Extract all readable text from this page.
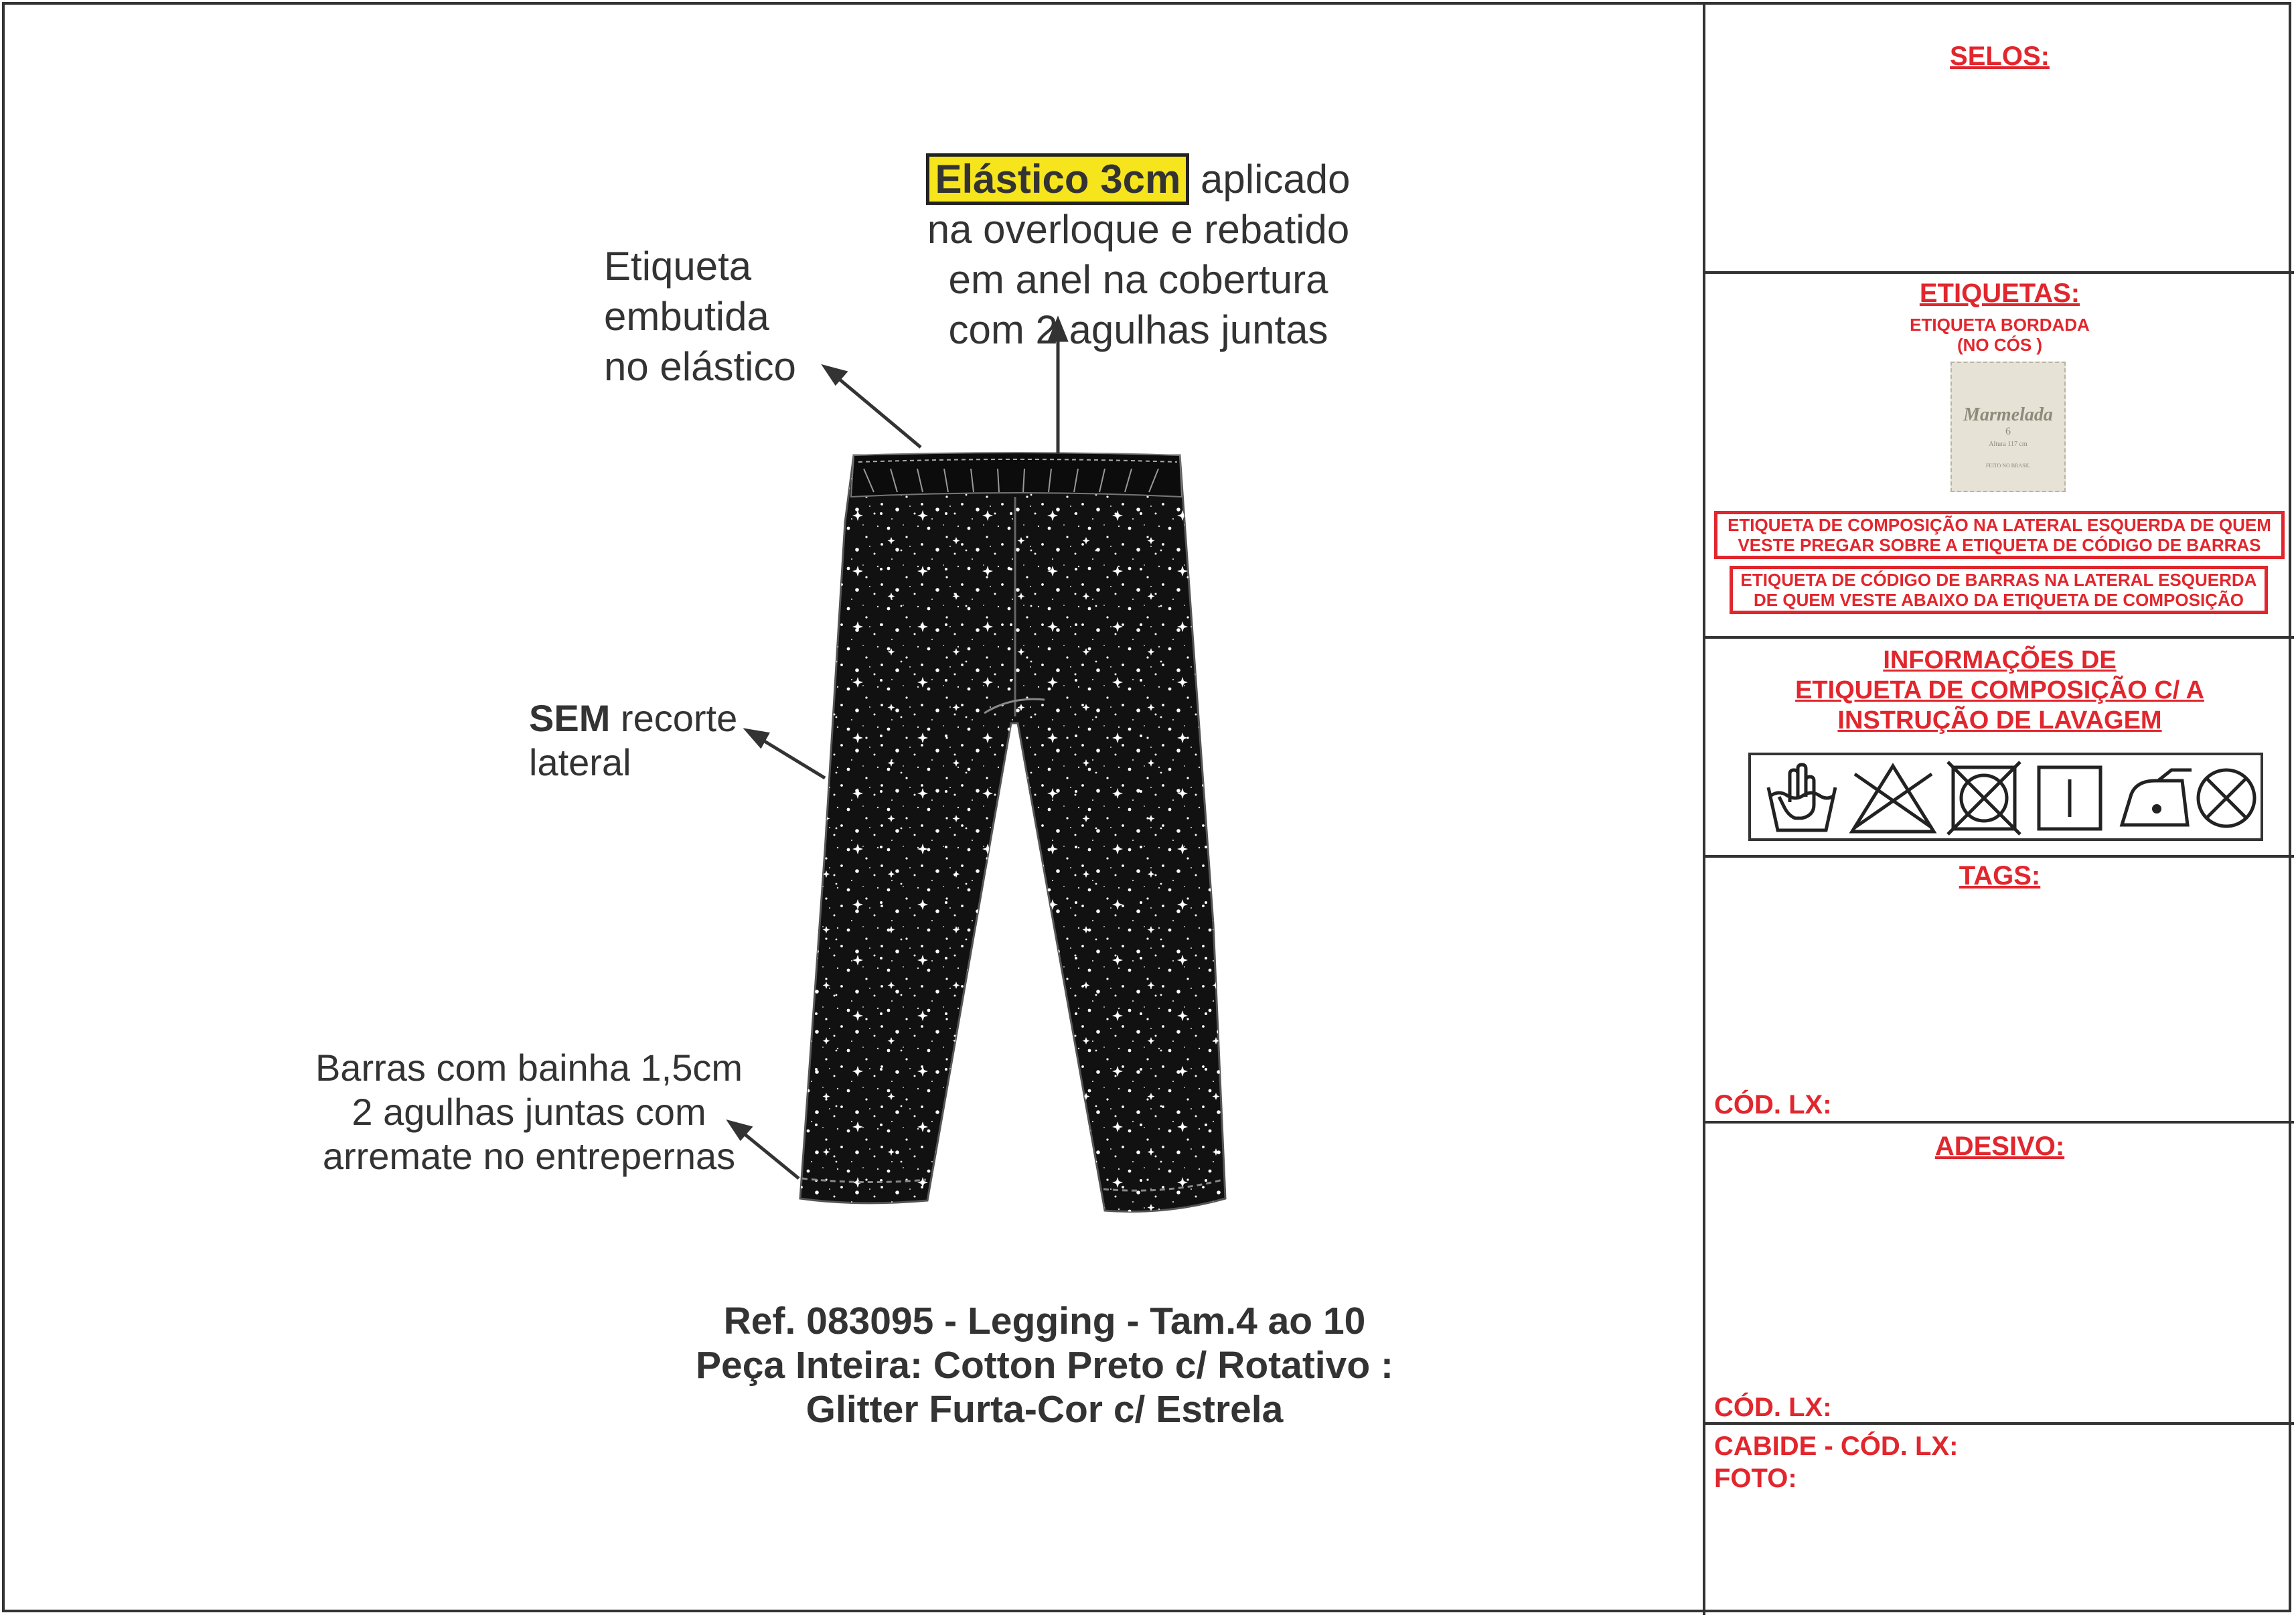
Elástico 3cm aplicado
na overloque e rebatido
em anel na cobertura
com 2 agulhas juntas
Etiqueta
embutida
no elástico
SEM recorte
lateral
Barras com bainha 1,5cm
2 agulhas juntas com
arremate no entrepernas
Ref. 083095 - Legging - Tam.4 ao 10
Peça Inteira: Cotton Preto c/ Rotativo :
Glitter Furta-Cor c/ Estrela
SELOS:
ETIQUETAS:
ETIQUETA BORDADA
(NO CÓS )
Marmelada
6
Altura 117 cm
FEITO NO BRASIL
ETIQUETA DE COMPOSIÇÃO NA LATERAL ESQUERDA DE QUEM
VESTE PREGAR SOBRE A ETIQUETA DE CÓDIGO DE BARRAS
ETIQUETA DE CÓDIGO DE BARRAS NA LATERAL ESQUERDA
DE QUEM VESTE ABAIXO DA ETIQUETA DE COMPOSIÇÃO
INFORMAÇÕES DE
ETIQUETA DE COMPOSIÇÃO C/ A
INSTRUÇÃO DE LAVAGEM
TAGS:
CÓD. LX:
ADESIVO:
CÓD. LX:
CABIDE - CÓD. LX:
FOTO:
